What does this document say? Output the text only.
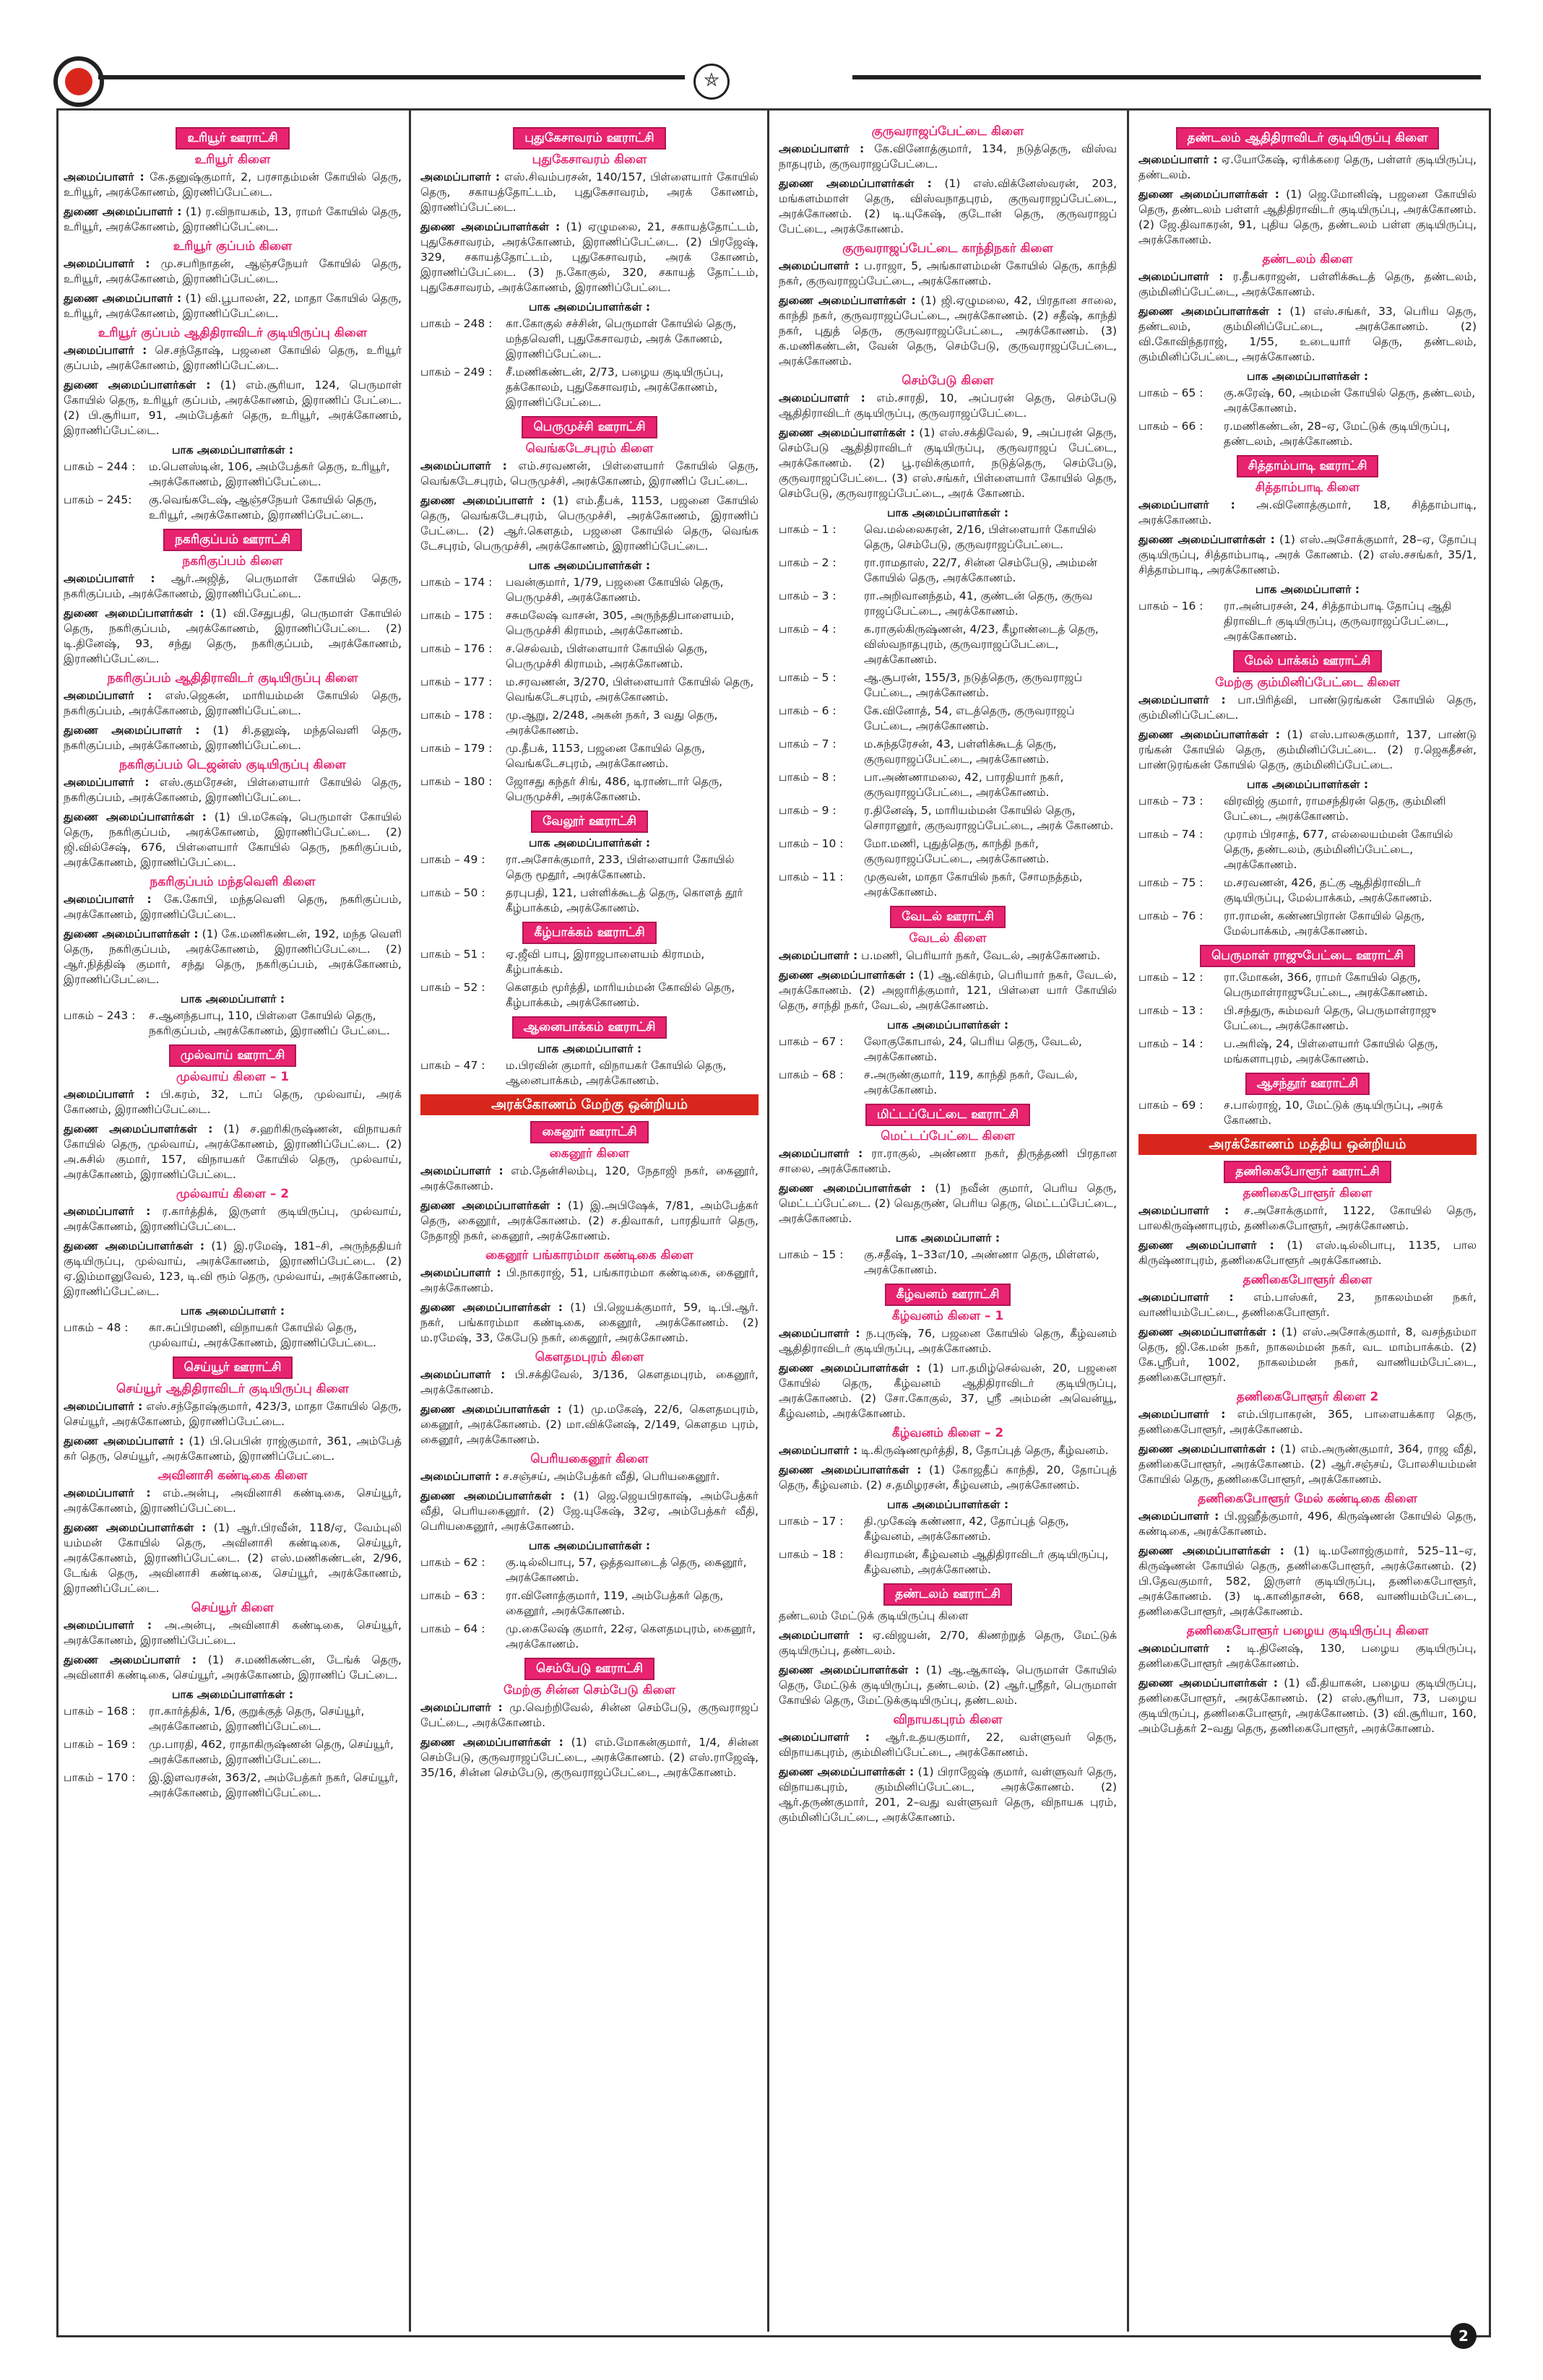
⛤
உரியூர் ஊராட்சி
உரியூர் கிளை
அமைப்பாளர் : கே.தனுஷ்குமார், 2, பரசாதம்மன் கோயில் தெரு, உரியூர், அரக்கோணம், இரணிப்பேட்டை.
துணை அமைப்பாளர் : (1) ர.விநாயகம், 13, ராமர் கோயில் தெரு, உரியூர், அரக்கோணம், இராணிப்பேட்டை.
உரியூர் குப்பம் கிளை
அமைப்பாளர் : மு.சபரிநாதன், ஆஞ்சநேயர் கோயில் தெரு, உரியூர், அரக்கோணம், இராணிப்பேட்டை.
துணை அமைப்பாளர் : (1) வி.பூபாலன், 22, மாதா கோயில் தெரு, உரியூர், அரக்கோணம், இராணிப்பேட்டை.
உரியூர் குப்பம் ஆதிதிராவிடர் குடியிருப்பு கிளை
அமைப்பாளர் : செ.சந்தோஷ், பஜனை கோயில் தெரு, உரியூர் குப்பம், அரக்கோணம், இராணிப்பேட்டை.
துணை அமைப்பாளர்கள் : (1) எம்.சூரியா, 124, பெருமாள் கோயில் தெரு, உரியூர் குப்பம், அரக்கோணம், இராணிப் பேட்டை. (2) பி.சூரியா, 91, அம்பேத்கர் தெரு, உரியூர், அரக்கோணம், இராணிப்பேட்டை.
பாக அமைப்பாளர்கள் :
பாகம் – 244 :	ம.பௌஸ்டின், 106, அம்பேத்கர் தெரு, உரியூர், அரக்கோணம், இராணிப்பேட்டை.
பாகம் – 245:	கு.வெங்கடேஷ், ஆஞ்சநேயர் கோயில் தெரு, உரியூர், அரக்கோணம், இராணிப்பேட்டை.
நகரிகுப்பம் ஊராட்சி
நகரிகுப்பம் கிளை
அமைப்பாளர் : ஆர்.அஜித், பெருமாள் கோயில் தெரு, நகரிகுப்பம், அரக்கோணம், இராணிப்பேட்டை.
துணை அமைப்பாளர்கள் : (1) வி.சேதுபதி, பெருமாள் கோயில் தெரு, நகரிகுப்பம், அரக்கோணம், இராணிப்பேட்டை. (2) டி.தினேஷ், 93, சந்து தெரு, நகரிகுப்பம், அரக்கோணம், இராணிப்பேட்டை.
நகரிகுப்பம் ஆதிதிராவிடர் குடியிருப்பு கிளை
அமைப்பாளர் : எஸ்.ஜெகன், மாரியம்மன் கோயில் தெரு, நகரிகுப்பம், அரக்கோணம், இராணிப்பேட்டை.
துணை அமைப்பாளர் : (1) சி.தனுஷ், மந்தவெளி தெரு, நகரிகுப்பம், அரக்கோணம், இராணிப்பேட்டை.
நகரிகுப்பம் டெஜன்ஸ் குடியிருப்பு கிளை
அமைப்பாளர் : எஸ்.குமரேசன், பிள்ளையார் கோயில் தெரு, நகரிகுப்பம், அரக்கோணம், இராணிப்பேட்டை.
துணை அமைப்பாளர்கள் : (1) பி.மகேஷ், பெருமாள் கோயில் தெரு, நகரிகுப்பம், அரக்கோணம், இராணிப்பேட்டை. (2) ஜி.வில்சேஷ், 676, பிள்ளையார் கோயில் தெரு, நகரிகுப்பம், அரக்கோணம், இராணிப்பேட்டை.
நகரிகுப்பம் மந்தவெளி கிளை
அமைப்பாளர் : கே.கோபி, மந்தவெளி தெரு, நகரிகுப்பம், அரக்கோணம், இராணிப்பேட்டை.
துணை அமைப்பாளர்கள் : (1) கே.மணிகண்டன், 192, மந்த வெளி தெரு, நகரிகுப்பம், அரக்கோணம், இராணிப்பேட்டை. (2) ஆர்.நித்திஷ் குமார், சந்து தெரு, நகரிகுப்பம், அரக்கோணம், இராணிப்பேட்டை.
பாக அமைப்பாளர் :
பாகம் – 243 :	ச.ஆனந்தபாபு, 110, பிள்ளை கோயில் தெரு, நகரிகுப்பம், அரக்கோணம், இராணிப் பேட்டை.
முல்வாய் ஊராட்சி
முல்வாய் கிளை – 1
அமைப்பாளர் : பி.கரம், 32, டாப் தெரு, முல்வாய், அரக் கோணம், இராணிப்பேட்டை.
துணை அமைப்பாளர்கள் : (1) ச.ஹரிகிருஷ்ணன், விநாயகர் கோயில் தெரு, முல்வாய், அரக்கோணம், இராணிப்பேட்டை. (2) அ.சுசில் குமார், 157, விநாயகர் கோயில் தெரு, முல்வாய், அரக்கோணம், இராணிப்பேட்டை.
முல்வாய் கிளை – 2
அமைப்பாளர் : ர.கார்த்திக், இருளர் குடியிருப்பு, முல்வாய், அரக்கோணம், இராணிப்பேட்டை.
துணை அமைப்பாளர்கள் : (1) இ.ரமேஷ், 181–சி, அருந்ததியர் குடியிருப்பு, முல்வாய், அரக்கோணம், இராணிப்பேட்டை. (2) ஏ.இம்மானுவேல், 123, டி.வி ரூம் தெரு, முல்வாய், அரக்கோணம், இராணிப்பேட்டை.
பாக அமைப்பாளர் :
பாகம் – 48 :	கா.சுப்பிரமணி, விநாயகர் கோயில் தெரு, முல்வாய், அரக்கோணம், இராணிப்பேட்டை.
செய்யூர் ஊராட்சி
செய்யூர் ஆதிதிராவிடர் குடியிருப்பு கிளை
அமைப்பாளர் : எஸ்.சந்தோஷ்குமார், 423/3, மாதா கோயில் தெரு, செய்யூர், அரக்கோணம், இராணிப்பேட்டை.
துணை அமைப்பாளர் : (1) பி.பெபின் ராஜ்குமார், 361, அம்பேத் கர் தெரு, செய்யூர், அரக்கோணம், இராணிப்பேட்டை.
அவினாசி கண்டிகை கிளை
அமைப்பாளர் : எம்.அன்பு, அவினாசி கண்டிகை, செய்யூர், அரக்கோணம், இராணிப்பேட்டை.
துணை அமைப்பாளர்கள் : (1) ஆர்.பிரவீன், 118/ஏ, வேம்புலி யம்மன் கோயில் தெரு, அவினாசி கண்டிகை, செய்யூர், அரக்கோணம், இராணிப்பேட்டை. (2) எஸ்.மணிகண்டன், 2/96, டேங்க் தெரு, அவினாசி கண்டிகை, செய்யூர், அரக்கோணம், இராணிப்பேட்டை.
செய்யூர் கிளை
அமைப்பாளர் : அ.அன்பு, அவினாசி கண்டிகை, செய்யூர், அரக்கோணம், இராணிப்பேட்டை.
துணை அமைப்பாளர் : (1) ச.மணிகண்டன், டேங்க் தெரு, அவினாசி கண்டிகை, செய்யூர், அரக்கோணம், இராணிப் பேட்டை.
பாக அமைப்பாளர்கள் :
பாகம் – 168 :	ரா.கார்த்திக், 1/6, குறுக்குத் தெரு, செய்யூர், அரக்கோணம், இராணிப்பேட்டை.
பாகம் – 169 :	மு.பாரதி, 462, ராதாகிருஷ்ணன் தெரு, செய்யூர், அரக்கோணம், இராணிப்பேட்டை.
பாகம் – 170 :	இ.இளவரசன், 363/2, அம்பேத்கர் நகர், செய்யூர், அரக்கோணம், இராணிப்பேட்டை.
புதுகேசாவரம் ஊராட்சி
புதுகேசாவரம் கிளை
அமைப்பாளர் : எஸ்.சிவம்பரசன், 140/157, பிள்ளையார் கோயில் தெரு, சகாயத்தோட்டம், புதுகேசாவரம், அரக் கோணம், இராணிப்பேட்டை.
துணை அமைப்பாளர்கள் : (1) ஏழுமலை, 21, சகாயத்தோட்டம், புதுகேசாவரம், அரக்கோணம், இராணிப்பேட்டை. (2) பிரஜேஷ், 329, சகாயத்தோட்டம், புதுகேசாவரம், அரக் கோணம், இராணிப்பேட்டை. (3) ந.கோகுல், 320, சகாயத் தோட்டம், புதுகேசாவரம், அரக்கோணம், இராணிப்பேட்டை.
பாக அமைப்பாளர்கள் :
பாகம் – 248 :	கா.கோகுல் சச்சின், பெருமாள் கோயில் தெரு, மந்தவெளி, புதுகேசாவரம், அரக் கோணம், இராணிப்பேட்டை.
பாகம் – 249 :	சீ.மணிகண்டன், 2/73, பழைய குடியிருப்பு, தக்கோலம், புதுகேசாவரம், அரக்கோணம், இராணிப்பேட்டை.
பெருமுச்சி ஊராட்சி
வெங்கடேசபுரம் கிளை
அமைப்பாளர் : எம்.சரவணன், பிள்ளையார் கோயில் தெரு, வெங்கடேசபுரம், பெருமுச்சி, அரக்கோணம், இராணிப் பேட்டை.
துணை அமைப்பாளர் : (1) எம்.தீபக், 1153, பஜனை கோயில் தெரு, வெங்கடேசபுரம், பெருமுச்சி, அரக்கோணம், இராணிப் பேட்டை. (2) ஆர்.கௌதம், பஜனை கோயில் தெரு, வெங்க டேசபுரம், பெருமுச்சி, அரக்கோணம், இராணிப்பேட்டை.
பாக அமைப்பாளர்கள் :
பாகம் – 174 :	பவன்குமார், 1/79, பஜனை கோயில் தெரு, பெருமுச்சி, அரக்கோணம்.
பாகம் – 175 :	சசுமலேஷ் வாசன், 305, அருந்ததிபாளையம், பெருமுச்சி கிராமம், அரக்கோணம்.
பாகம் – 176 :	ச.செல்வம், பிள்ளையார் கோயில் தெரு, பெருமுச்சி கிராமம், அரக்கோணம்.
பாகம் – 177 :	ம.சரவணன், 3/270, பிள்ளையார் கோயில் தெரு, வெங்கடேசபுரம், அரக்கோணம்.
பாகம் – 178 :	மு.ஆறு, 2/248, அகன் நகர், 3 வது தெரு, அரக்கோணம்.
பாகம் – 179 :	மு.தீபக், 1153, பஜனை கோயில் தெரு, வெங்கடேசபுரம், அரக்கோணம்.
பாகம் – 180 :	ஜோசது கந்தர் சிங், 486, டிராண்டார் தெரு, பெருமுச்சி, அரக்கோணம்.
வேலூர் ஊராட்சி
பாக அமைப்பாளர்கள் :
பாகம் – 49 :	ரா.அசோக்குமார், 233, பிள்ளையார் கோயில் தெரு மூதூர், அரக்கோணம்.
பாகம் – 50 :	தரபுபதி, 121, பள்ளிக்கூடத் தெரு, கொளத் தூர் கீழ்பாக்கம், அரக்கோணம்.
கீழ்பாக்கம் ஊராட்சி
பாகம் – 51 :	ஏ.ஜீவி பாபு, இராஜபாளையம் கிராமம், கீழ்பாக்கம்.
பாகம் – 52 :	கௌதம் மூர்த்தி, மாரியம்மன் கோவில் தெரு, கீழ்பாக்கம், அரக்கோணம்.
ஆனைபாக்கம் ஊராட்சி
பாக அமைப்பாளர் :
பாகம் – 47 :	ம.பிரவின் குமார், விநாயகர் கோயில் தெரு, ஆனைபாக்கம், அரக்கோணம்.
அரக்கோணம் மேற்கு ஒன்றியம்
கைனூர் ஊராட்சி
கைனூர் கிளை
அமைப்பாளர் : எம்.தேன்சிலம்பு, 120, நேதாஜி நகர், கைனூர், அரக்கோணம்.
துணை அமைப்பாளர்கள் : (1) இ.அபிஷேக், 7/81, அம்பேத்கர் தெரு, கைனூர், அரக்கோணம். (2) ச.திவாகர், பாரதியார் தெரு, நேதாஜி நகர், கைனூர், அரக்கோணம்.
கைனூர் பங்காரம்மா கண்டிகை கிளை
அமைப்பாளர் : பி.நாகராஜ், 51, பங்காரம்மா கண்டிகை, கைனூர், அரக்கோணம்.
துணை அமைப்பாளர்கள் : (1) பி.ஜெயக்குமார், 59, டி.பி.ஆர். நகர், பங்காரம்மா கண்டிகை, கைனூர், அரக்கோணம். (2) ம.ரமேஷ், 33, கேபேடு நகர், கைனூர், அரக்கோணம்.
கௌதமபுரம் கிளை
அமைப்பாளர் : பி.சக்திவேல், 3/136, கௌதமபுரம், கைனூர், அரக்கோணம்.
துணை அமைப்பாளர்கள் : (1) மு.மகேஷ், 22/6, கௌதமபுரம், கைனூர், அரக்கோணம். (2) மா.விக்னேஷ், 2/149, கௌதம புரம், கைனூர், அரக்கோணம்.
பெரியகைனூர் கிளை
அமைப்பாளர் : ச.சஞ்சய், அம்பேத்கர் வீதி, பெரியகைனூர்.
துணை அமைப்பாளர்கள் : (1) ஜெ.ஜெயபிரகாஷ், அம்பேத்கர் வீதி, பெரியகைனூர். (2) ஜே.யுகேஷ், 32ஏ, அம்பேத்கர் வீதி, பெரியகைனூர், அரக்கோணம்.
பாக அமைப்பாளர்கள் :
பாகம் – 62 :	கு.டில்லிபாபு, 57, ஒத்தவாடைத் தெரு, கைனூர், அரக்கோணம்.
பாகம் – 63 :	ரா.வினோத்குமார், 119, அம்பேத்கர் தெரு, கைனூர், அரக்கோணம்.
பாகம் – 64 :	மு.கைலேஷ் குமார், 22ஏ, கௌதமபுரம், கைனூர், அரக்கோணம்.
செம்பேடு ஊராட்சி
மேற்கு சின்ன செம்பேடு கிளை
அமைப்பாளர் : மு.வெற்றிவேல், சின்ன செம்பேடு, குருவராஜப் பேட்டை, அரக்கோணம்.
துணை அமைப்பாளர்கள் : (1) எம்.மோகன்குமார், 1/4, சின்ன செம்பேடு, குருவராஜப்பேட்டை, அரக்கோணம். (2) எஸ்.ராஜேஷ், 35/16, சின்ன செம்பேடு, குருவராஜப்பேட்டை, அரக்கோணம்.
குருவராஜப்பேட்டை கிளை
அமைப்பாளர் : கே.வினோத்குமார், 134, நடுத்தெரு, விஸ்வ நாதபுரம், குருவராஜப்பேட்டை.
துணை அமைப்பாளர்கள் : (1) எஸ்.விக்னேஸ்வரன், 203, மங்களம்மாள் தெரு, விஸ்வநாதபுரம், குருவராஜப்பேட்டை, அரக்கோணம். (2) டி.யுகேஷ், குடோன் தெரு, குருவராஜப் பேட்டை, அரக்கோணம்.
குருவராஜப்பேட்டை காந்திநகர் கிளை
அமைப்பாளர் : ப.ராஜா, 5, அங்காளம்மன் கோயில் தெரு, காந்தி நகர், குருவராஜப்பேட்டை, அரக்கோணம்.
துணை அமைப்பாளர்கள் : (1) ஜி.ஏழுமலை, 42, பிரதான சாலை, காந்தி நகர், குருவராஜப்பேட்டை, அரக்கோணம். (2) சதீஷ், காந்தி நகர், புதுத் தெரு, குருவராஜப்பேட்டை, அரக்கோணம். (3) க.மணிகண்டன், வேன் தெரு, செம்பேடு, குருவராஜப்பேட்டை, அரக்கோணம்.
செம்பேடு கிளை
அமைப்பாளர் : எம்.சாரதி, 10, அப்பரன் தெரு, செம்பேடு ஆதிதிராவிடர் குடியிருப்பு, குருவராஜப்பேட்டை.
துணை அமைப்பாளர்கள் : (1) எஸ்.சக்திவேல், 9, அப்பரன் தெரு, செம்பேடு ஆதிதிராவிடர் குடியிருப்பு, குருவராஜப் பேட்டை, அரக்கோணம். (2) பூ.ரவிக்குமார், நடுத்தெரு, செம்பேடு, குருவராஜப்பேட்டை. (3) எஸ்.சங்கர், பிள்ளையார் கோயில் தெரு, செம்பேடு, குருவராஜப்பேட்டை, அரக் கோணம்.
பாக அமைப்பாளர்கள் :
பாகம் – 1 :	வெ.மல்லைசுரன், 2/16, பிள்ளையார் கோயில் தெரு, செம்பேடு, குருவராஜப்பேட்டை.
பாகம் – 2 :	ரா.ராமதாஸ், 22/7, சின்ன செம்பேடு, அம்மன் கோயில் தெரு, அரக்கோணம்.
பாகம் – 3 :	ரா.அறிவானந்தம், 41, குண்டன் தெரு, குருவ ராஜப்பேட்டை, அரக்கோணம்.
பாகம் – 4 :	க.ராகுல்கிருஷ்ணன், 4/23, கீழாண்டைத் தெரு, விஸ்வநாதபுரம், குருவராஜப்பேட்டை, அரக்கோணம்.
பாகம் – 5 :	ஆ.சூபரன், 155/3, நடுத்தெரு, குருவராஜப் பேட்டை, அரக்கோணம்.
பாகம் – 6 :	கே.வினோத், 54, எடத்தெரு, குருவராஜப் பேட்டை, அரக்கோணம்.
பாகம் – 7 :	ம.சுந்தரேசன், 43, பள்ளிக்கூடத் தெரு, குருவராஜப்பேட்டை, அரக்கோணம்.
பாகம் – 8 :	பா.அண்ணாமலை, 42, பாரதியார் நகர், குருவராஜப்பேட்டை, அரக்கோணம்.
பாகம் – 9 :	ர.தினேஷ், 5, மாரியம்மன் கோயில் தெரு, சொரானூர், குருவராஜப்பேட்டை, அரக் கோணம்.
பாகம் – 10 :	மோ.மணி, புதுத்தெரு, காந்தி நகர், குருவராஜப்பேட்டை, அரக்கோணம்.
பாகம் – 11 :	முகுவன், மாதா கோயில் நகர், சோமநத்தம், அரக்கோணம்.
வேடல் ஊராட்சி
வேடல் கிளை
அமைப்பாளர் : ப.மணி, பெரியார் நகர், வேடல், அரக்கோணம்.
துணை அமைப்பாளர்கள் : (1) ஆ.விக்ரம், பெரியார் நகர், வேடல், அரக்கோணம். (2) அஜாரித்குமார், 121, பிள்ளை யார் கோயில் தெரு, சாந்தி நகர், வேடல், அரக்கோணம்.
பாக அமைப்பாளர்கள் :
பாகம் – 67 :	லோகுகோபால், 24, பெரிய தெரு, வேடல், அரக்கோணம்.
பாகம் – 68 :	ச.அருண்குமார், 119, காந்தி நகர், வேடல், அரக்கோணம்.
மிட்டப்பேட்டை ஊராட்சி
மெட்டப்பேட்டை கிளை
அமைப்பாளர் : ரா.ராகுல், அண்ணா நகர், திருத்தணி பிரதான சாலை, அரக்கோணம்.
துணை அமைப்பாளர்கள் : (1) நவீன் குமார், பெரிய தெரு, மெட்டப்பேட்டை. (2) வெதருண், பெரிய தெரு, மெட்டப்பேட்டை, அரக்கோணம்.
பாக அமைப்பாளர் :
பாகம் – 15 :	கு.சதீஷ், 1–33எ/10, அண்ணா தெரு, மிள்ளல், அரக்கோணம்.
கீழ்வனம் ஊராட்சி
கீழ்வனம் கிளை – 1
அமைப்பாளர் : ந.புருஷ், 76, பஜனை கோயில் தெரு, கீழ்வனம் ஆதிதிராவிடர் குடியிருப்பு, அரக்கோணம்.
துணை அமைப்பாளர்கள் : (1) பா.தமிழ்செல்வன், 20, பஜனை கோயில் தெரு, கீழ்வனம் ஆதிதிராவிடர் குடியிருப்பு, அரக்கோணம். (2) சோ.கோகுல், 37, ஸ்ரீ அம்மன் அவென்யூ, கீழ்வனம், அரக்கோணம்.
கீழ்வனம் கிளை – 2
அமைப்பாளர் : டி.கிருஷ்ணமூர்த்தி, 8, தோப்புத் தெரு, கீழ்வனம்.
துணை அமைப்பாளர்கள் : (1) கோஜதீப் காந்தி, 20, தோப்புத் தெரு, கீழ்வனம். (2) ச.தமிழரசன், கீழ்வனம், அரக்கோணம்.
பாக அமைப்பாளர்கள் :
பாகம் – 17 :	தி.முகேஷ் கண்ணா, 42, தோப்புத் தெரு, கீழ்வனம், அரக்கோணம்.
பாகம் – 18 :	சிவராமன், கீழ்வனம் ஆதிதிராவிடர் குடியிருப்பு, கீழ்வனம், அரக்கோணம்.
தண்டலம் ஊராட்சி
தண்டலம் மேட்டுக் குடியிருப்பு கிளை
அமைப்பாளர் : ஏ.விஜயன், 2/70, கிணற்றுத் தெரு, மேட்டுக் குடியிருப்பு, தண்டலம்.
துணை அமைப்பாளர்கள் : (1) ஆ.ஆகாஷ், பெருமாள் கோயில் தெரு, மேட்டுக் குடியிருப்பு, தண்டலம். (2) ஆர்.ஸ்ரீதர், பெருமாள் கோயில் தெரு, மேட்டுக்குடியிருப்பு, தண்டலம்.
விநாயகபுரம் கிளை
அமைப்பாளர் : ஆர்.உதயகுமார், 22, வள்ளுவர் தெரு, விநாயகபுரம், கும்மினிப்பேட்டை, அரக்கோணம்.
துணை அமைப்பாளர்கள் : (1) பிராஜேஷ் குமார், வள்ளுவர் தெரு, விநாயகபுரம், கும்மினிப்பேட்டை, அரக்கோணம். (2) ஆர்.தருண்குமார், 201, 2–வது வள்ளுவர் தெரு, விநாயக புரம், கும்மினிப்பேட்டை, அரக்கோணம்.
தண்டலம் ஆதிதிராவிடர் குடியிருப்பு கிளை
அமைப்பாளர் : ஏ.யோகேஷ், ஏரிக்கரை தெரு, பள்ளர் குடியிருப்பு, தண்டலம்.
துணை அமைப்பாளர்கள் : (1) ஜெ.மோனிஷ், பஜனை கோயில் தெரு, தண்டலம் பள்ளர் ஆதிதிராவிடர் குடியிருப்பு, அரக்கோணம். (2) ஜே.திவாகரன், 91, புதிய தெரு, தண்டலம் பள்ள குடியிருப்பு, அரக்கோணம்.
தண்டலம் கிளை
அமைப்பாளர் : ர.தீபகராஜன், பள்ளிக்கூடத் தெரு, தண்டலம், கும்மினிப்பேட்டை, அரக்கோணம்.
துணை அமைப்பாளர்கள் : (1) எஸ்.சங்கர், 33, பெரிய தெரு, தண்டலம், கும்மினிப்பேட்டை, அரக்கோணம். (2) வி.கோவிந்தராஜ், 1/55, உடையார் தெரு, தண்டலம், கும்மினிப்பேட்டை, அரக்கோணம்.
பாக அமைப்பாளர்கள் :
பாகம் – 65 :	கு.சுரேஷ், 60, அம்மன் கோயில் தெரு, தண்டலம், அரக்கோணம்.
பாகம் – 66 :	ர.மணிகண்டன், 28–ஏ, மேட்டுக் குடியிருப்பு, தண்டலம், அரக்கோணம்.
சித்தாம்பாடி ஊராட்சி
சித்தாம்பாடி கிளை
அமைப்பாளர் : அ.வினோத்குமார், 18, சித்தாம்பாடி, அரக்கோணம்.
துணை அமைப்பாளர்கள் : (1) எஸ்.அசோக்குமார், 28–ஏ, தோப்பு குடியிருப்பு, சித்தாம்பாடி, அரக் கோணம். (2) எஸ்.சசங்கர், 35/1, சித்தாம்பாடி, அரக்கோணம்.
பாக அமைப்பாளர் :
பாகம் – 16 :	ரா.அன்பரசன், 24, சித்தாம்பாடி தோப்பு ஆதி திராவிடர் குடியிருப்பு, குருவராஜப்பேட்டை, அரக்கோணம்.
மேல் பாக்கம் ஊராட்சி
மேற்கு கும்மினிப்பேட்டை கிளை
அமைப்பாளர் : பா.பிரித்வி, பாண்டுரங்கன் கோயில் தெரு, கும்மினிப்பேட்டை.
துணை அமைப்பாளர்கள் : (1) எஸ்.பாலசுகுமார், 137, பாண்டு ரங்கன் கோயில் தெரு, கும்மினிப்பேட்டை. (2) ர.ஜெகதீசன், பாண்டுரங்கன் கோயில் தெரு, கும்மினிப்பேட்டை.
பாக அமைப்பாளர்கள் :
பாகம் – 73 :	விரவிஜ் குமார், ராமசந்திரன் தெரு, கும்மினி பேட்டை, அரக்கோணம்.
பாகம் – 74 :	முராம் பிரசாத், 677, எல்லையம்மன் கோயில் தெரு, தண்டலம், கும்மினிப்பேட்டை, அரக்கோணம்.
பாகம் – 75 :	ம.சரவணன், 426, தட்கு ஆதிதிராவிடர் குடியிருப்பு, மேல்பாக்கம், அரக்கோணம்.
பாகம் – 76 :	ரா.ராமன், கண்ணபிரான் கோயில் தெரு, மேல்பாக்கம், அரக்கோணம்.
பெருமாள் ராஜுபேட்டை ஊராட்சி
பாகம் – 12 :	ரா.மோகன், 366, ராமர் கோயில் தெரு, பெருமாள்ராஜுபேட்டை, அரக்கோணம்.
பாகம் – 13 :	பி.சந்துரு, சும்மவர் தெரு, பெருமாள்ராஜு பேட்டை, அரக்கோணம்.
பாகம் – 14 :	ப.அரிஷ், 24, பிள்ளையார் கோயில் தெரு, மங்களாபுரம், அரக்கோணம்.
ஆசந்தூர் ஊராட்சி
பாகம் – 69 :	ச.பால்ராஜ், 10, மேட்டுக் குடியிருப்பு, அரக் கோணம்.
அரக்கோணம் மத்திய ஒன்றியம்
தணிகைபோளூர் ஊராட்சி
தணிகைபோளூர் கிளை
அமைப்பாளர் : ச.அசோக்குமார், 1122, கோயில் தெரு, பாலகிருஷ்ணாபுரம், தணிகைபோளூர், அரக்கோணம்.
துணை அமைப்பாளர் : (1) எஸ்.டில்லிபாபு, 1135, பால கிருஷ்ணாபுரம், தணிகைபோளூர் அரக்கோணம்.
தணிகைபோளூர் கிளை
அமைப்பாளர் : எம்.பாஸ்கர், 23, நாகலம்மன் நகர், வாணியம்பேட்டை, தணிகைபோளூர்.
துணை அமைப்பாளர்கள் : (1) எஸ்.அசோக்குமார், 8, வசந்தம்மா தெரு, ஜி.கே.மன் நகர், நாகலம்மன் நகர், வட மாம்பாக்கம். (2) கே.ஸ்ரீபர், 1002, நாகலம்மன் நகர், வாணியம்பேட்டை, தணிகைபோளூர்.
தணிகைபோளூர் கிளை 2
அமைப்பாளர் : எம்.பிரபாகரன், 365, பாளையக்கார தெரு, தணிகைபோளூர், அரக்கோணம்.
துணை அமைப்பாளர்கள் : (1) எம்.அருண்குமார், 364, ராஜ வீதி, தணிகைபோளூர், அரக்கோணம். (2) ஆர்.சஞ்சய், போலசியம்மன் கோயில் தெரு, தணிகைபோளூர், அரக்கோணம்.
தணிகைபோளூர் மேல் கண்டிகை கிளை
அமைப்பாளர் : பி.ஜஹீத்குமார், 496, கிருஷ்ணன் கோயில் தெரு, கண்டிகை, அரக்கோணம்.
துணை அமைப்பாளர்கள் : (1) டி.மனோஜ்குமார், 525–11–ஏ, கிருஷ்ணன் கோயில் தெரு, தணிகைபோளூர், அரக்கோணம். (2) பி.தேவகுமார், 582, இருளர் குடியிருப்பு, தணிகைபோளூர், அரக்கோணம். (3) டி.கானிதாசன், 668, வாணியம்பேட்டை, தணிகைபோளூர், அரக்கோணம்.
தணிகைபோளூர் பழைய குடியிருப்பு கிளை
அமைப்பாளர் : டி.தினேஷ், 130, பழைய குடியிருப்பு, தணிகைபோளூர் அரக்கோணம்.
துணை அமைப்பாளர்கள் : (1) வீ.தியாகன், பழைய குடியிருப்பு, தணிகைபோளூர், அரக்கோணம். (2) எஸ்.சூரியா, 73, பழைய குடியிருப்பு, தணிகைபோளூர், அரக்கோணம். (3) வி.சூரியா, 160, அம்பேத்கர் 2–வது தெரு, தணிகைபோளூர், அரக்கோணம்.
2
